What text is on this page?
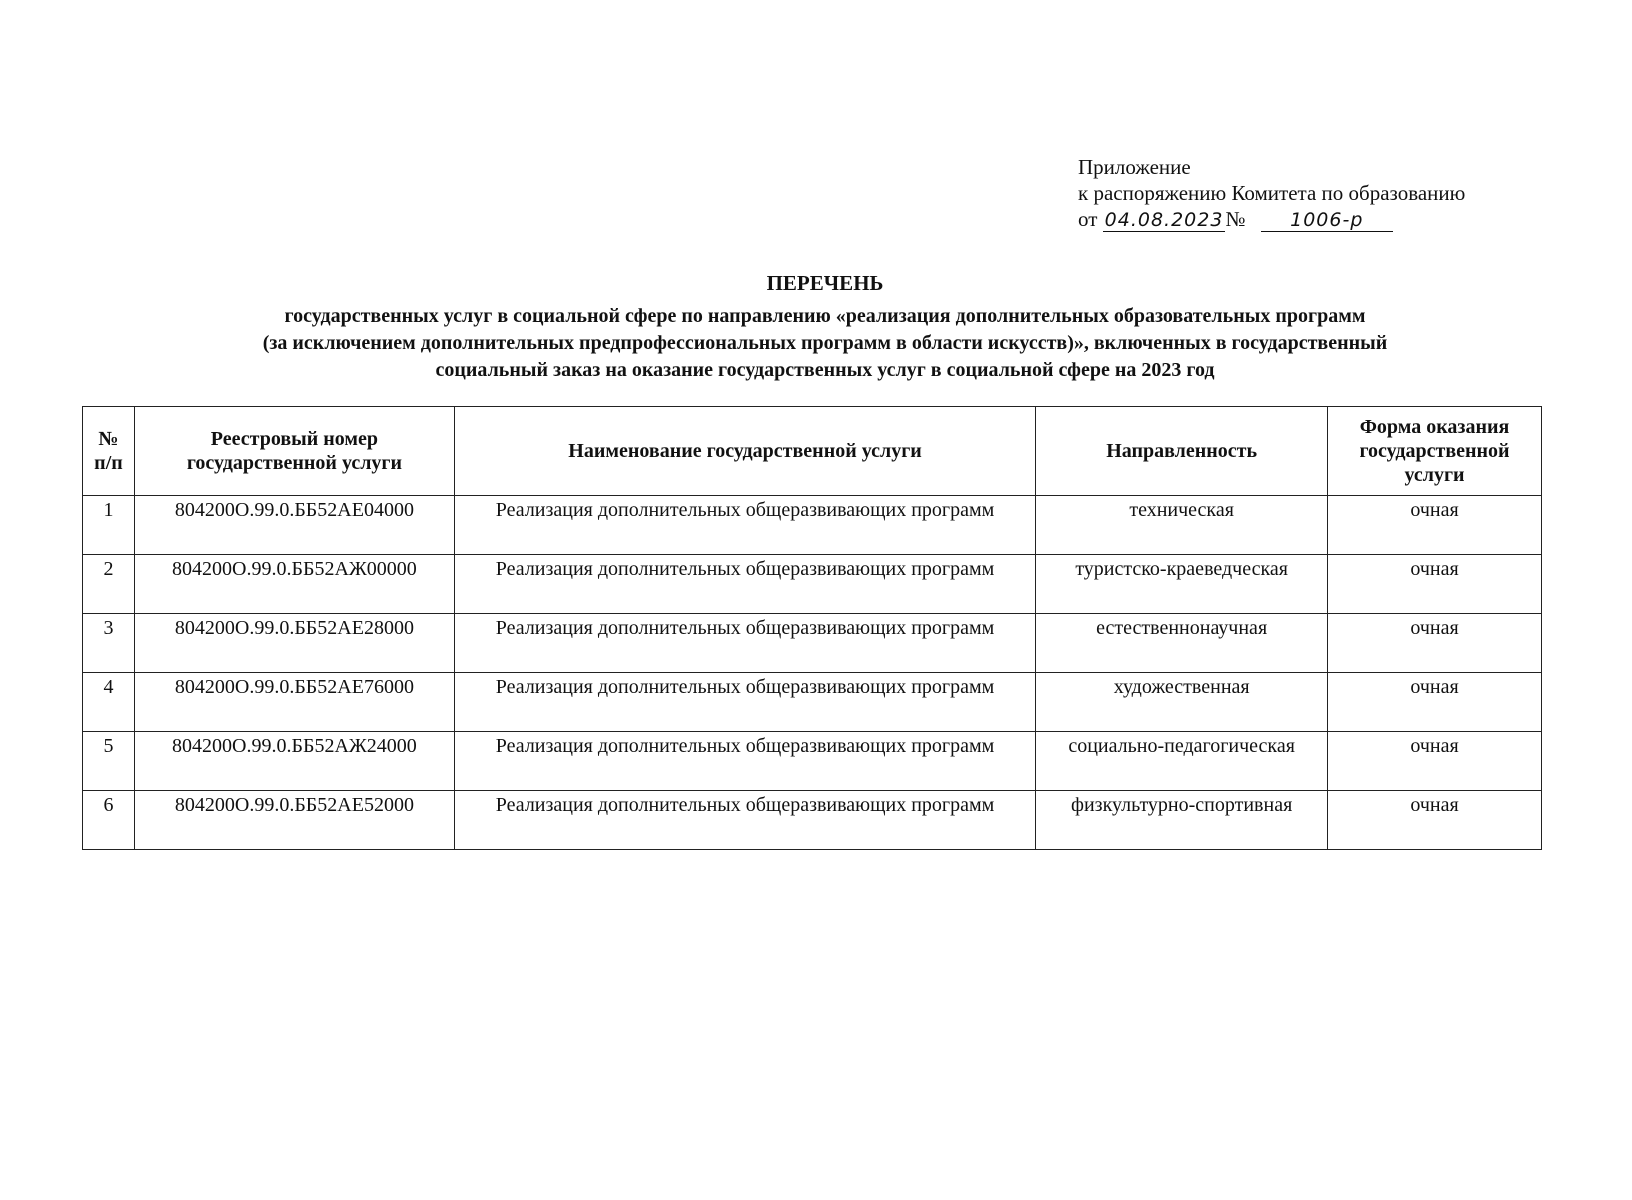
Приложение
к распоряжению Комитета по образованию
от 04.08.2023№ 1006-р
ПЕРЕЧЕНЬ
государственных услуг в социальной сфере по направлению «реализация дополнительных образовательных программ
(за исключением дополнительных предпрофессиональных программ в области искусств)», включенных в государственный
социальный заказ на оказание государственных услуг в социальной сфере на 2023 год
№ п/п	Реестровый номер государственной услуги	Наименование государственной услуги	Направленность	Форма оказания государственной услуги
1	804200О.99.0.ББ52АЕ04000	Реализация дополнительных общеразвивающих программ	техническая	очная
2	804200О.99.0.ББ52АЖ00000	Реализация дополнительных общеразвивающих программ	туристско-краеведческая	очная
3	804200О.99.0.ББ52АЕ28000	Реализация дополнительных общеразвивающих программ	естественнонаучная	очная
4	804200О.99.0.ББ52АЕ76000	Реализация дополнительных общеразвивающих программ	художественная	очная
5	804200О.99.0.ББ52АЖ24000	Реализация дополнительных общеразвивающих программ	социально-педагогическая	очная
6	804200О.99.0.ББ52АЕ52000	Реализация дополнительных общеразвивающих программ	физкультурно-спортивная	очная
